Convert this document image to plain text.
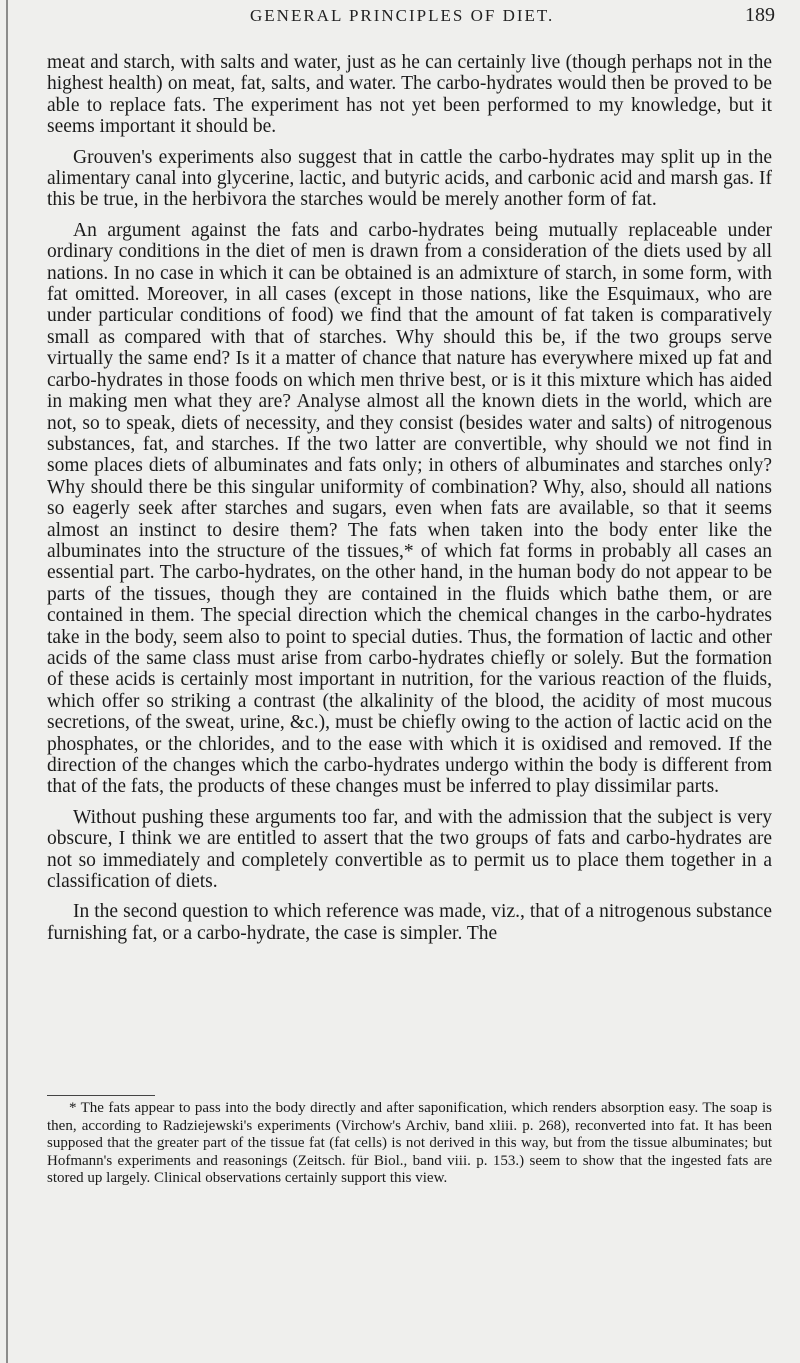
GENERAL PRINCIPLES OF DIET.	189

meat and starch, with salts and water, just as he can certainly live (though perhaps not in the highest health) on meat, fat, salts, and water. The carbo-hydrates would then be proved to be able to replace fats. The experiment has not yet been performed to my knowledge, but it seems important it should be.

Grouven's experiments also suggest that in cattle the carbo-hydrates may split up in the alimentary canal into glycerine, lactic, and butyric acids, and carbonic acid and marsh gas. If this be true, in the herbivora the starches would be merely another form of fat.

An argument against the fats and carbo-hydrates being mutually replaceable under ordinary conditions in the diet of men is drawn from a consideration of the diets used by all nations. In no case in which it can be obtained is an admixture of starch, in some form, with fat omitted. Moreover, in all cases (except in those nations, like the Esquimaux, who are under particular conditions of food) we find that the amount of fat taken is comparatively small as compared with that of starches. Why should this be, if the two groups serve virtually the same end? Is it a matter of chance that nature has everywhere mixed up fat and carbo-hydrates in those foods on which men thrive best, or is it this mixture which has aided in making men what they are? Analyse almost all the known diets in the world, which are not, so to speak, diets of necessity, and they consist (besides water and salts) of nitrogenous substances, fat, and starches. If the two latter are convertible, why should we not find in some places diets of albuminates and fats only; in others of albuminates and starches only? Why should there be this singular uniformity of combination? Why, also, should all nations so eagerly seek after starches and sugars, even when fats are available, so that it seems almost an instinct to desire them? The fats when taken into the body enter like the albuminates into the structure of the tissues,* of which fat forms in probably all cases an essential part. The carbo-hydrates, on the other hand, in the human body do not appear to be parts of the tissues, though they are contained in the fluids which bathe them, or are contained in them. The special direction which the chemical changes in the carbo-hydrates take in the body, seem also to point to special duties. Thus, the formation of lactic and other acids of the same class must arise from carbo-hydrates chiefly or solely. But the formation of these acids is certainly most important in nutrition, for the various reaction of the fluids, which offer so striking a contrast (the alkalinity of the blood, the acidity of most mucous secretions, of the sweat, urine, &c.), must be chiefly owing to the action of lactic acid on the phosphates, or the chlorides, and to the ease with which it is oxidised and removed. If the direction of the changes which the carbo-hydrates undergo within the body is different from that of the fats, the products of these changes must be inferred to play dissimilar parts.

Without pushing these arguments too far, and with the admission that the subject is very obscure, I think we are entitled to assert that the two groups of fats and carbo-hydrates are not so immediately and completely convertible as to permit us to place them together in a classification of diets.

In the second question to which reference was made, viz., that of a nitrogenous substance furnishing fat, or a carbo-hydrate, the case is simpler. The

* The fats appear to pass into the body directly and after saponification, which renders absorption easy. The soap is then, according to Radziejewski's experiments (Virchow's Archiv, band xliii. p. 268), reconverted into fat. It has been supposed that the greater part of the tissue fat (fat cells) is not derived in this way, but from the tissue albuminates; but Hofmann's experiments and reasonings (Zeitsch. für Biol., band viii. p. 153.) seem to show that the ingested fats are stored up largely. Clinical observations certainly support this view.
